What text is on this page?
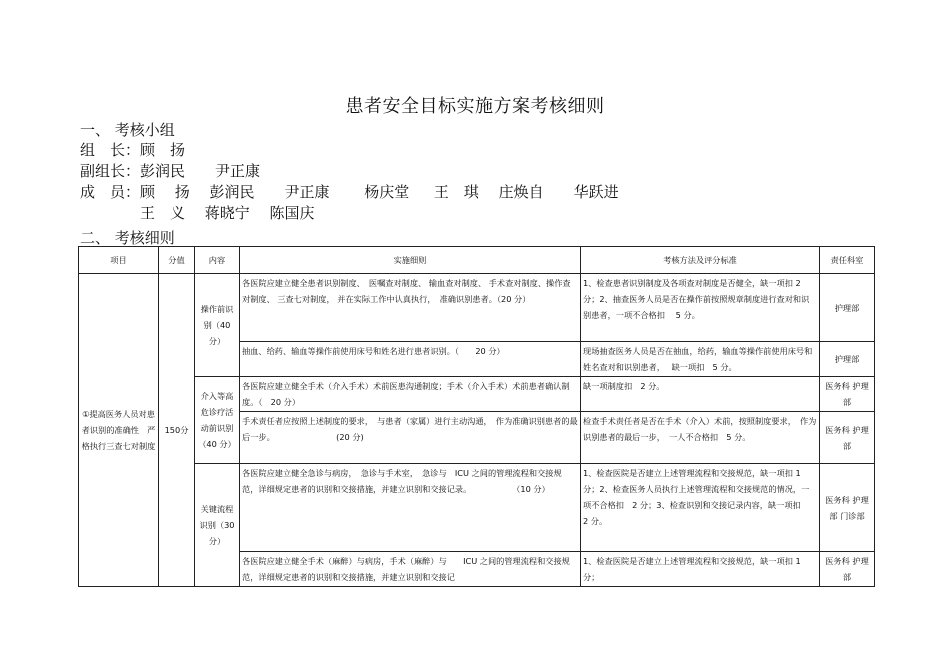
患者安全目标实施方案考核细则
一、 考核小组
组　长：顾　扬
副组长：彭润民　　尹正康
成　员：顾　 扬　 彭润民　　尹正康　　 杨庆堂　  王　琪　 庄焕自　　华跃进
　　　　王　义　 蒋晓宁　 陈国庆
二、 考核细则
项目	分值	内容	实施细则	考核方法及评分标准	责任科室
①提高医务人员对患者识别的准确性　严格执行三查七对制度	150分	操作前识别（40 分）	各医院应建立健全患者识别制度、　医嘱查对制度、 输血查对制度、 手术查对制度、操作查对制度、 三查七对制度， 并在实际工作中认真执行，　准确识别患者。（20 分）	1、检查患者识别制度及各项查对制度是否健全，缺一项扣 2 分；2、抽查医务人员是否在操作前按照规章制度进行查对和识别患者，一项不合格扣　 5 分。	护理部
			抽血、给药、输血等操作前使用床号和姓名进行患者识别。（　　20 分）	现场抽查医务人员是否在抽血，给药，输血等操作前使用床号和姓名查对和识别患者，　 缺一项扣　5 分。	护理部
		介入等高危诊疗活动前识别（40 分）	各医院应建立健全手术（介入手术）术前医患沟通制度；手术（介入手术）术前患者确认制度。（　20 分）	缺一项制度扣　2 分。	医务科 护理部
			手术责任者应按照上述制度的要求，　与患者（家属）进行主动沟通，　作为准确识别患者的最后一步。　　　　　　　　(20 分)	检查手术责任者是否在手术（介入）术前，按照制度要求，　作为识别患者的最后一步，　一人不合格扣　5 分。	医务科 护理部
		关键流程识别（30 分）	各医院应建立健全急诊与病房，　急诊与手术室，　急诊与　ICU 之间的管理流程和交接规范，详细规定患者的识别和交接措施，并建立识别和交接记录。　　　　　　（10 分）	1、检查医院是否建立上述管理流程和交接规范，缺一项扣 1 分；2、检查医务人员执行上述管理流程和交接规范的情况，一项不合格扣　2 分；3、检查识别和交接记录内容，缺一项扣　　2 分。	医务科 护理部 门诊部
			各医院应建立健全手术（麻醉）与病房，手术（麻醉）与　　ICU 之间的管理流程和交接规范，详细规定患者的识别和交接措施，并建立识别和交接记	1、检查医院是否建立上述管理流程和交接规范，缺一项扣 1 分；	医务科 护理部
